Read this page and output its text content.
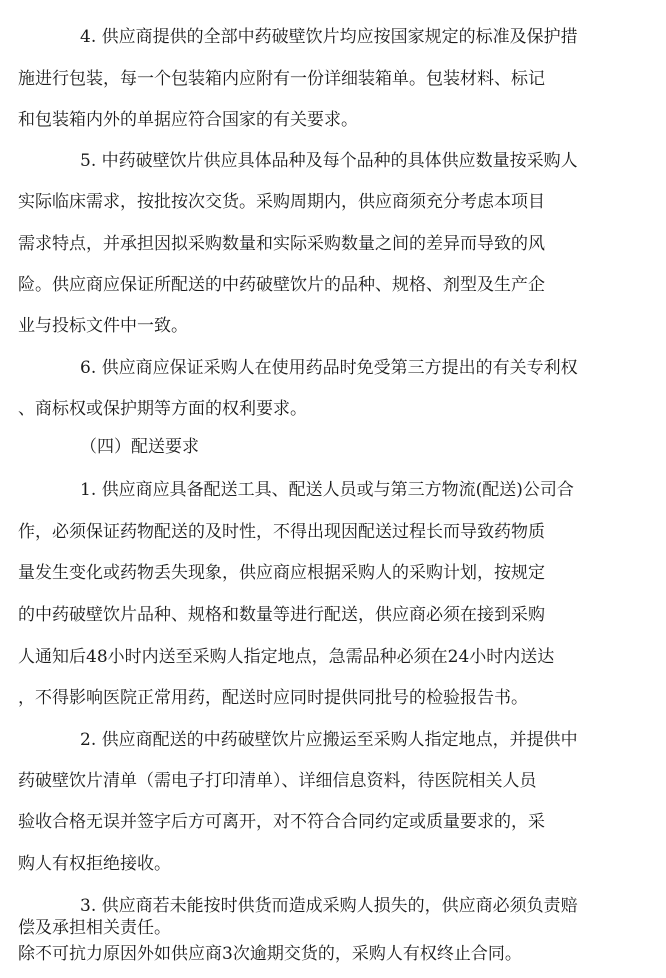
4. 供应商提供的全部中药破壁饮片均应按国家规定的标准及保护措
施进行包装，每一个包装箱内应附有一份详细装箱单。包装材料、标记
和包装箱内外的单据应符合国家的有关要求。
5. 中药破壁饮片供应具体品种及每个品种的具体供应数量按采购人
实际临床需求，按批按次交货。采购周期内，供应商须充分考虑本项目
需求特点，并承担因拟采购数量和实际采购数量之间的差异而导致的风
险。供应商应保证所配送的中药破壁饮片的品种、规格、剂型及生产企
业与投标文件中一致。
6. 供应商应保证采购人在使用药品时免受第三方提出的有关专利权
、商标权或保护期等方面的权利要求。
（四）配送要求
1. 供应商应具备配送工具、配送人员或与第三方物流(配送)公司合
作，必须保证药物配送的及时性，不得出现因配送过程长而导致药物质
量发生变化或药物丢失现象，供应商应根据采购人的采购计划，按规定
的中药破壁饮片品种、规格和数量等进行配送，供应商必须在接到采购
人通知后48小时内送至采购人指定地点，急需品种必须在24小时内送达
，不得影响医院正常用药，配送时应同时提供同批号的检验报告书。
2. 供应商配送的中药破壁饮片应搬运至采购人指定地点，并提供中
药破壁饮片清单（需电子打印清单）、详细信息资料，待医院相关人员
验收合格无误并签字后方可离开，对不符合合同约定或质量要求的，采
购人有权拒绝接收。
3. 供应商若未能按时供货而造成采购人损失的，供应商必须负责赔
偿及承担相关责任。
除不可抗力原因外如供应商3次逾期交货的，采购人有权终止合同。
